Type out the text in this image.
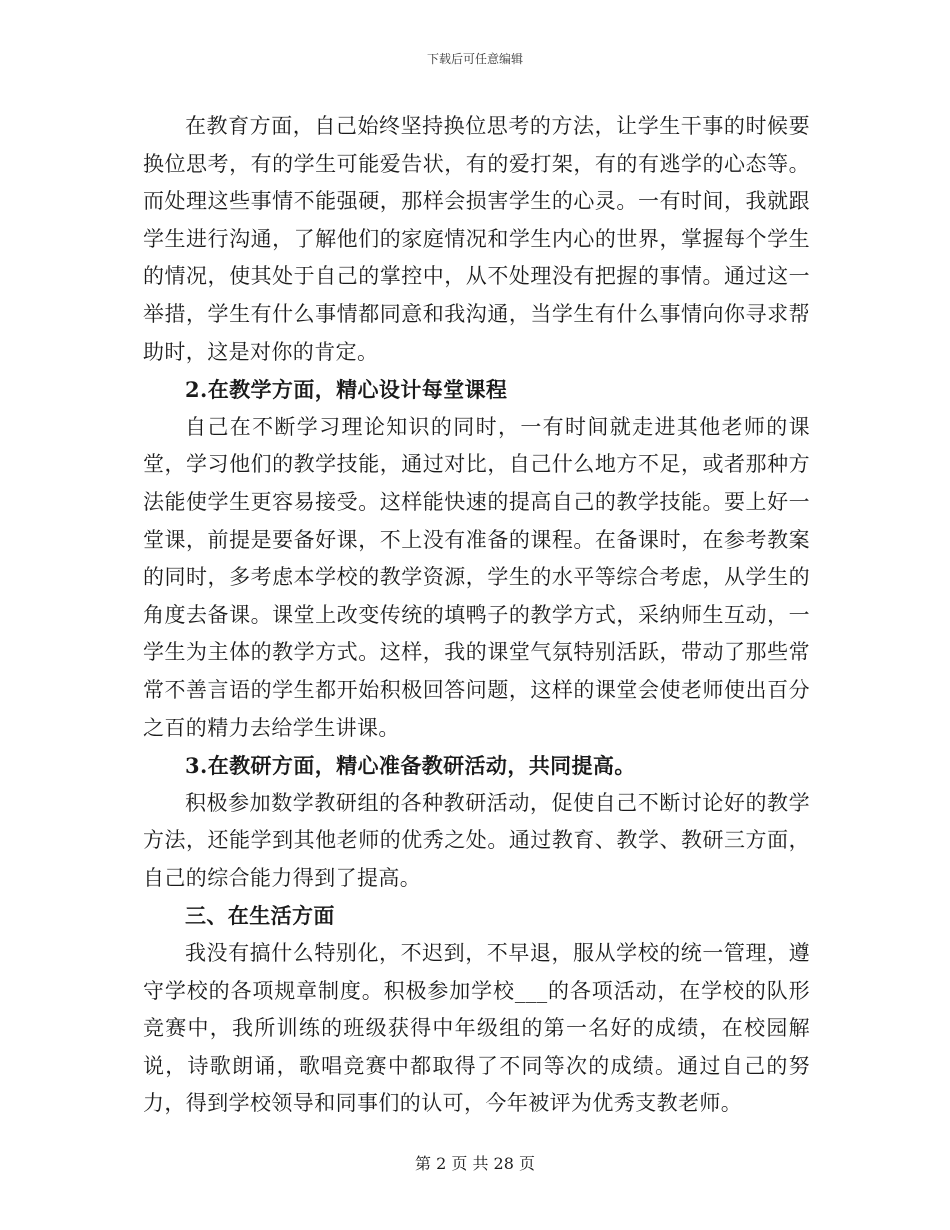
下载后可任意编辑

在教育方面，自己始终坚持换位思考的方法，让学生干事的时候要换位思考，有的学生可能爱告状，有的爱打架，有的有逃学的心态等。而处理这些事情不能强硬，那样会损害学生的心灵。一有时间，我就跟学生进行沟通，了解他们的家庭情况和学生内心的世界，掌握每个学生的情况，使其处于自己的掌控中，从不处理没有把握的事情。通过这一举措，学生有什么事情都同意和我沟通，当学生有什么事情向你寻求帮助时，这是对你的肯定。

2.在教学方面，精心设计每堂课程

自己在不断学习理论知识的同时，一有时间就走进其他老师的课堂，学习他们的教学技能，通过对比，自己什么地方不足，或者那种方法能使学生更容易接受。这样能快速的提高自己的教学技能。要上好一堂课，前提是要备好课，不上没有准备的课程。在备课时，在参考教案的同时，多考虑本学校的教学资源，学生的水平等综合考虑，从学生的角度去备课。课堂上改变传统的填鸭子的教学方式，采纳师生互动，一学生为主体的教学方式。这样，我的课堂气氛特别活跃，带动了那些常常不善言语的学生都开始积极回答问题，这样的课堂会使老师使出百分之百的精力去给学生讲课。

3.在教研方面，精心准备教研活动，共同提高。

积极参加数学教研组的各种教研活动，促使自己不断讨论好的教学方法，还能学到其他老师的优秀之处。通过教育、教学、教研三方面，自己的综合能力得到了提高。

三、在生活方面

我没有搞什么特别化，不迟到，不早退，服从学校的统一管理，遵守学校的各项规章制度。积极参加学校___的各项活动，在学校的队形竞赛中，我所训练的班级获得中年级组的第一名好的成绩，在校园解说，诗歌朗诵，歌唱竞赛中都取得了不同等次的成绩。通过自己的努力，得到学校领导和同事们的认可，今年被评为优秀支教老师。

第 2 页 共 28 页
